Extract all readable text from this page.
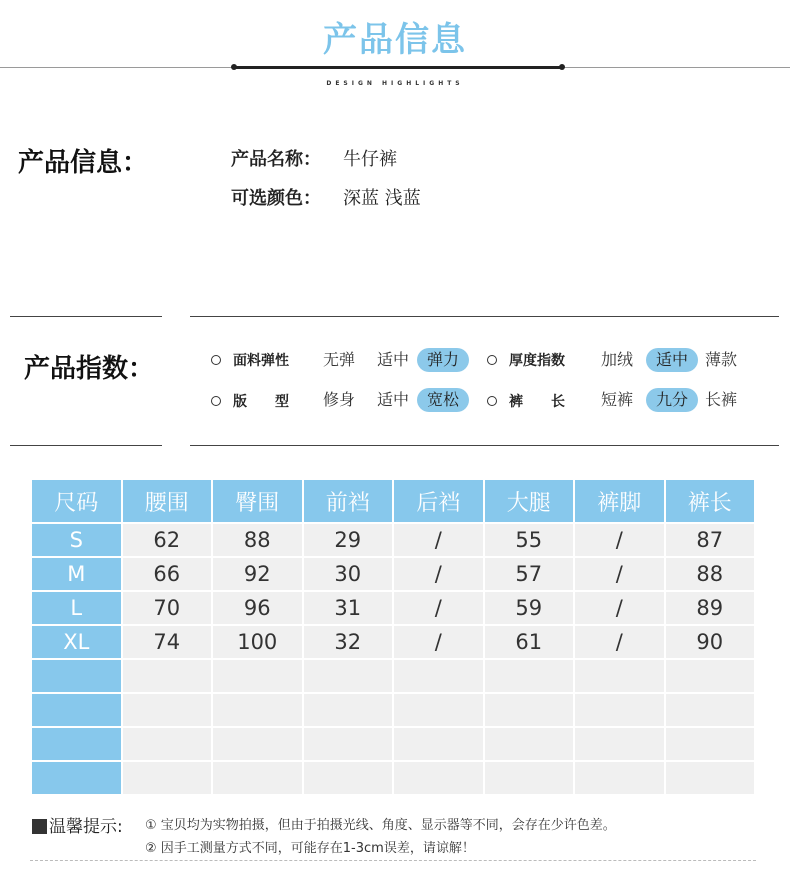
产品信息
DESIGN HIGHLIGHTS
产品信息：	产品名称： 牛仔裤
可选颜色： 深蓝 浅蓝
产品指数：	面料弹性	无弹	适中	弹力	厚度指数	加绒	适中	薄款
版　　型	修身	适中	宽松	裤　　长	短裤	九分	长裤
尺码	腰围	臀围	前裆	后裆	大腿	裤脚	裤长
S	62	88	29	/	55	/	87
M	66	92	30	/	57	/	88
L	70	96	31	/	59	/	89
XL	74	100	32	/	61	/	90

温馨提示: ① 宝贝均为实物拍摄，但由于拍摄光线、角度、显示器等不同，会存在少许色差。
② 因手工测量方式不同，可能存在1-3cm误差，请谅解！
